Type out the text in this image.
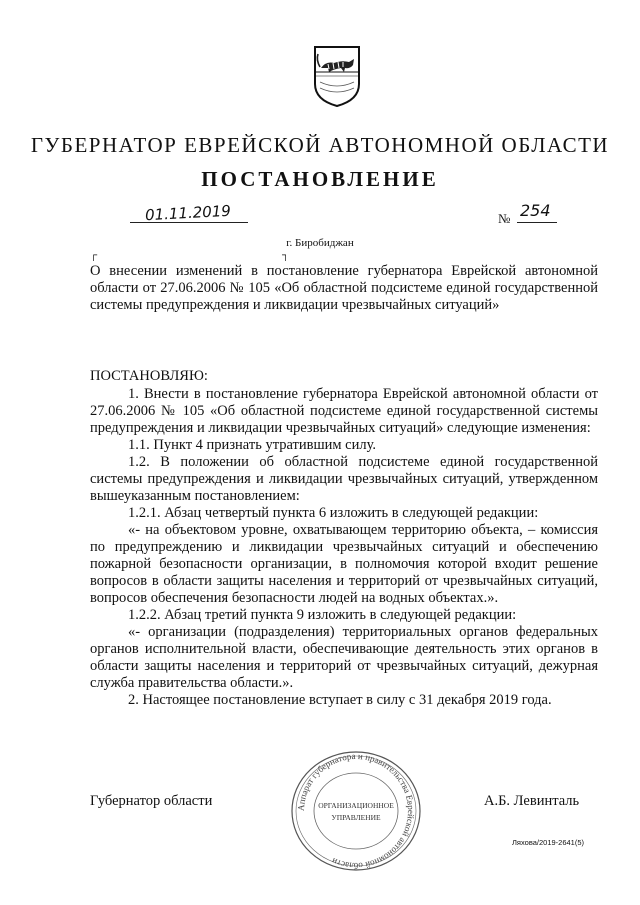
ГУБЕРНАТОР ЕВРЕЙСКОЙ АВТОНОМНОЙ ОБЛАСТИ
ПОСТАНОВЛЕНИЕ
01.11.2019	№ 254
г. Биробиджан
┌	┐
О внесении изменений в постановление губернатора Еврейской автономной области от 27.06.2006 № 105 «Об областной подсистеме единой государственной системы предупреждения и ликвидации чрезвычайных ситуаций»

ПОСТАНОВЛЯЮ:

1. Внести в постановление губернатора Еврейской автономной области от 27.06.2006 № 105 «Об областной подсистеме единой государственной системы предупреждения и ликвидации чрезвычайных ситуаций» следующие изменения:

1.1. Пункт 4 признать утратившим силу.

1.2. В положении об областной подсистеме единой государственной системы предупреждения и ликвидации чрезвычайных ситуаций, утвержденном вышеуказанным постановлением:

1.2.1. Абзац четвертый пункта 6 изложить в следующей редакции:

«- на объектовом уровне, охватывающем территорию объекта, – комиссия по предупреждению и ликвидации чрезвычайных ситуаций и обеспечению пожарной безопасности организации, в полномочия которой входит решение вопросов в области защиты населения и территорий от чрезвычайных ситуаций, вопросов обеспечения безопасности людей на водных объектах.».

1.2.2. Абзац третий пункта 9 изложить в следующей редакции:

«- организации (подразделения) территориальных органов федеральных органов исполнительной власти, обеспечивающие деятельность этих органов в области защиты населения и территорий от чрезвычайных ситуаций, дежурная служба правительства области.».

2. Настоящее постановление вступает в силу с 31 декабря 2019 года.

Аппарат губернатора и правительства Еврейской автономной области
ОРГАНИЗАЦИОННОЕ
УПРАВЛЕНИЕ
Губернатор области	А.Б. Левинталь
Ляхова/2019-2641(5)
